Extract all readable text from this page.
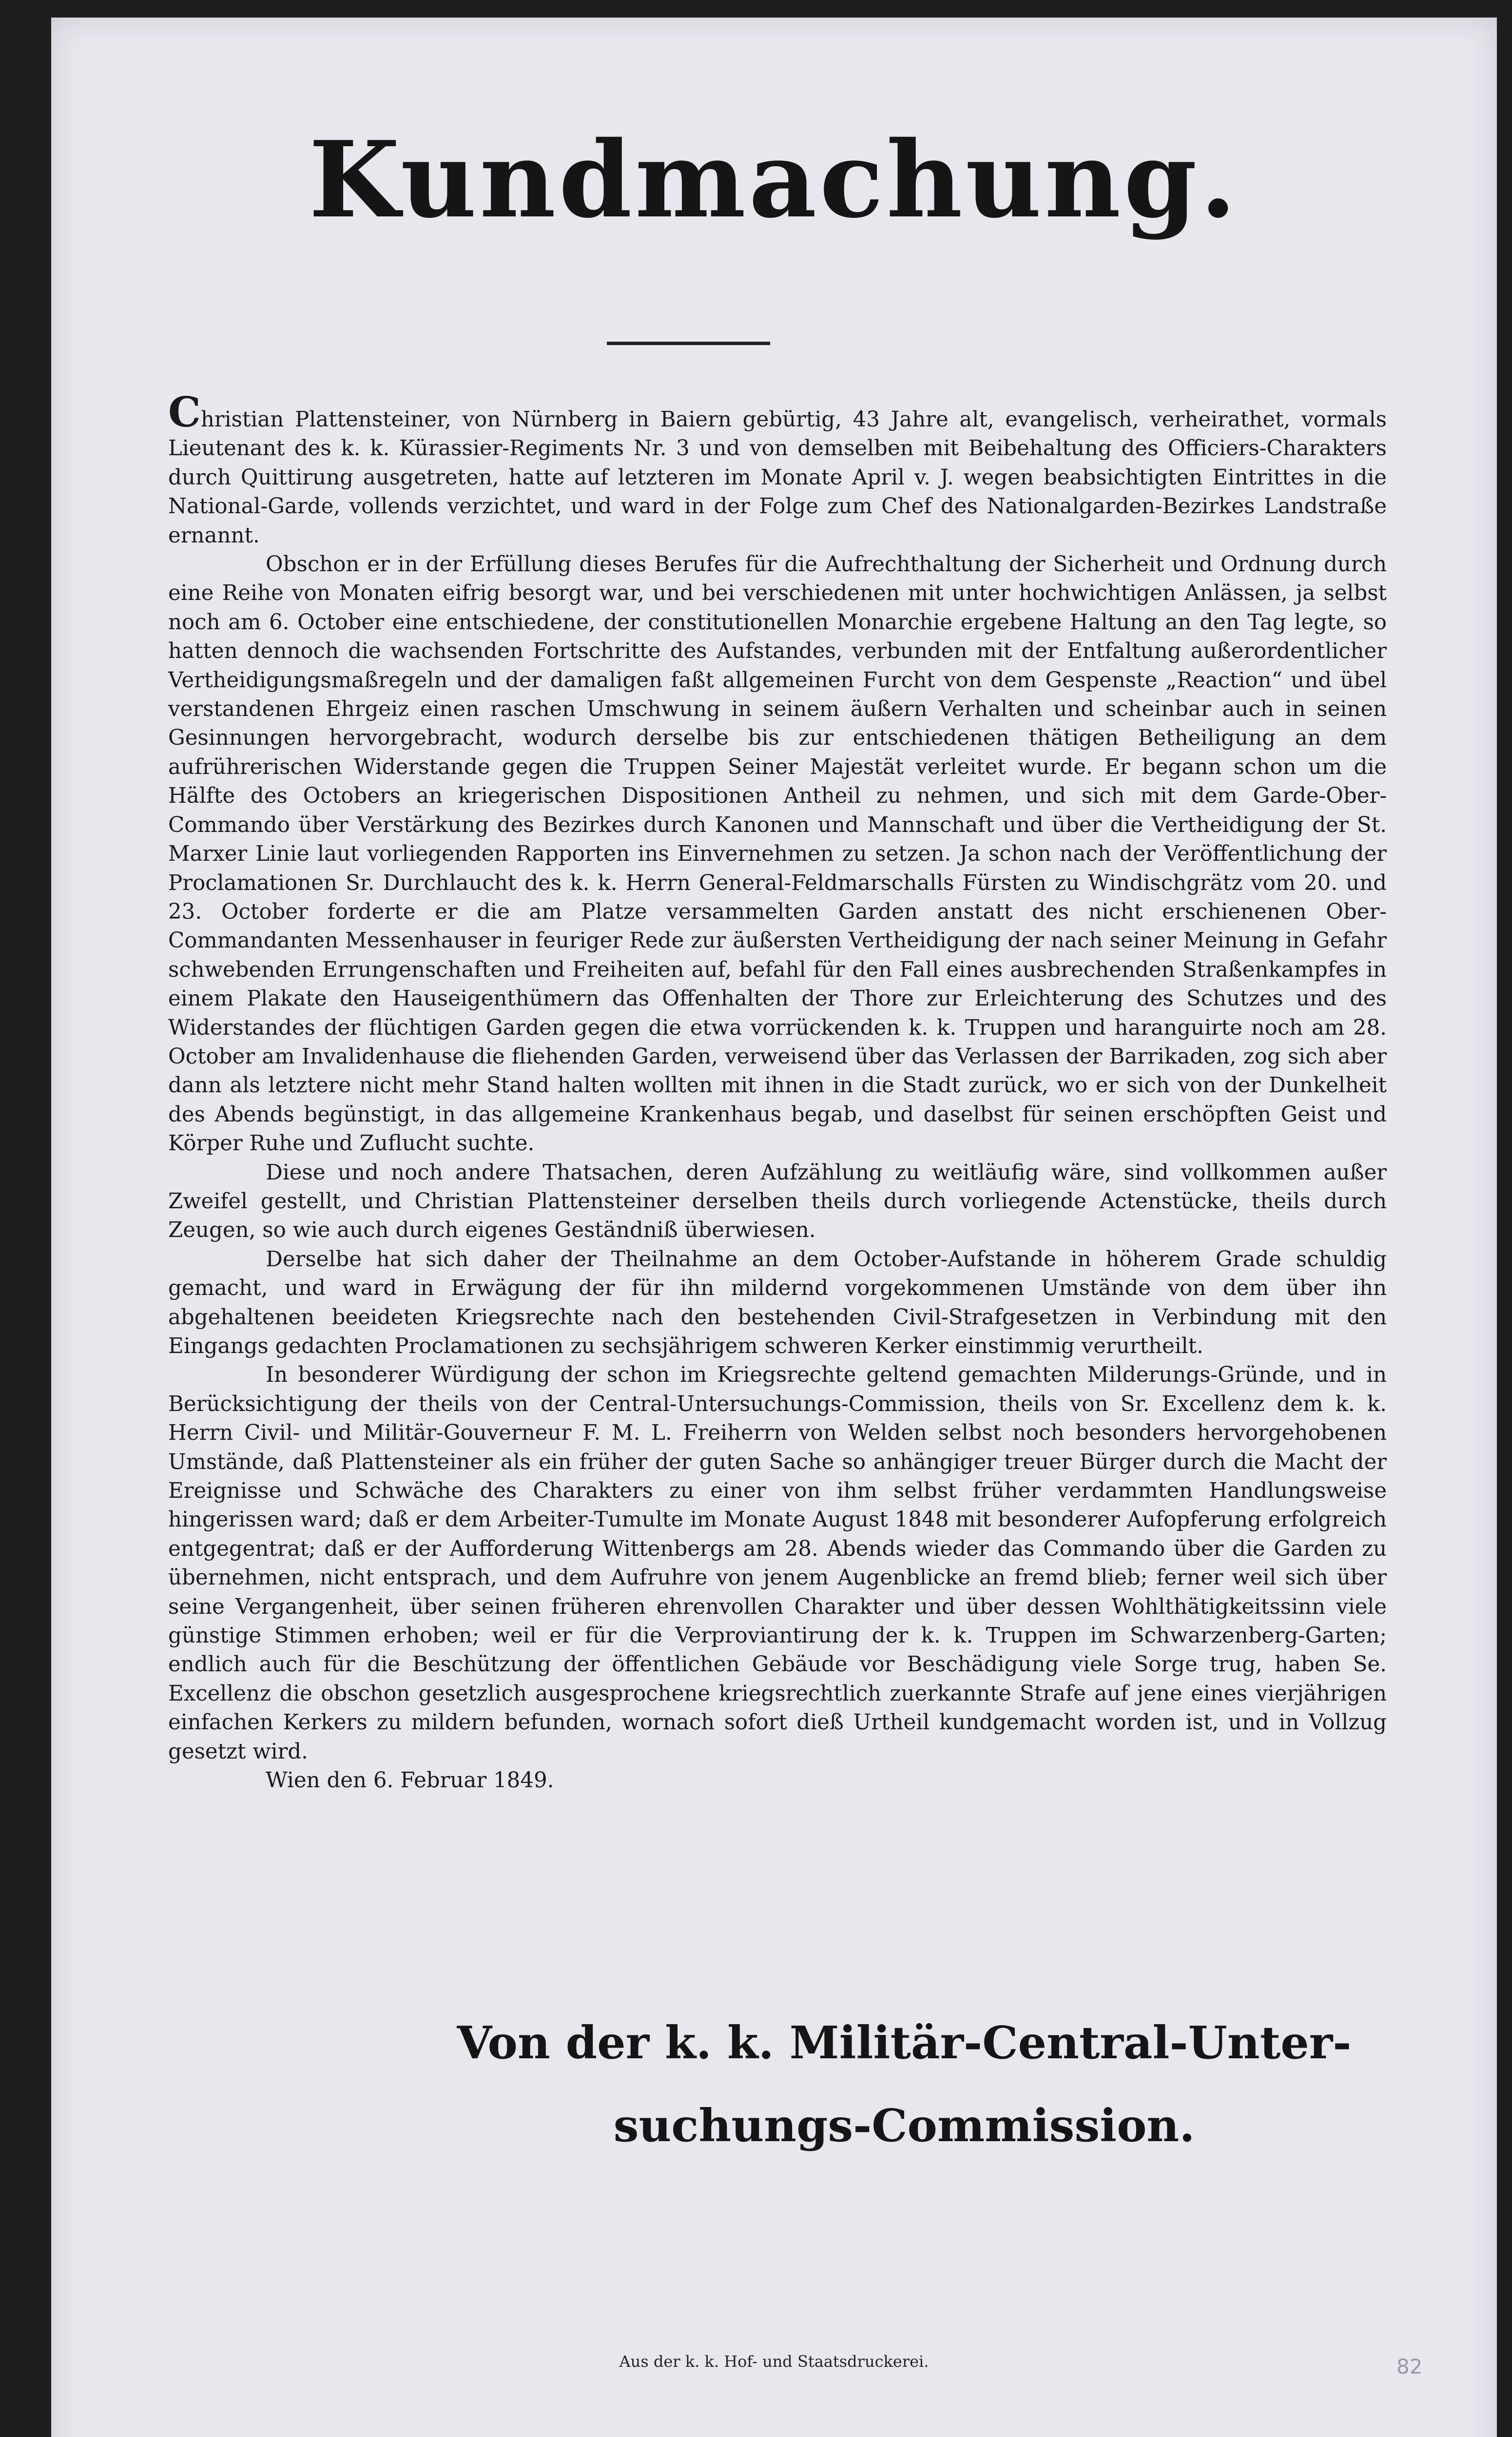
Kundmachung.

Christian Plattensteiner, von Nürnberg in Baiern gebürtig, 43 Jahre alt, evangelisch, verheirathet, vormals Lieutenant des k. k. Kürassier-Regiments Nr. 3 und von demselben mit Beibehaltung des Officiers-Charakters durch Quittirung ausgetreten, hatte auf letzteren im Monate April v. J. wegen beabsichtigten Eintrittes in die National-Garde, vollends verzichtet, und ward in der Folge zum Chef des Nationalgarden-Bezirkes Landstraße ernannt.

Obschon er in der Erfüllung dieses Berufes für die Aufrechthaltung der Sicherheit und Ordnung durch eine Reihe von Monaten eifrig besorgt war, und bei verschiedenen mit unter hochwichtigen Anlässen, ja selbst noch am 6. October eine entschiedene, der constitutionellen Monarchie ergebene Haltung an den Tag legte, so hatten dennoch die wachsenden Fortschritte des Aufstandes, verbunden mit der Entfaltung außerordentlicher Vertheidigungsmaßregeln und der damaligen faßt allgemeinen Furcht von dem Gespenste „Reaction“ und übel verstandenen Ehrgeiz einen raschen Umschwung in seinem äußern Verhalten und scheinbar auch in seinen Gesinnungen hervorgebracht, wodurch derselbe bis zur entschiedenen thätigen Betheiligung an dem aufrührerischen Widerstande gegen die Truppen Seiner Majestät verleitet wurde. Er begann schon um die Hälfte des Octobers an kriegerischen Dispositionen Antheil zu nehmen, und sich mit dem Garde-Ober-Commando über Verstärkung des Bezirkes durch Kanonen und Mannschaft und über die Vertheidigung der St. Marxer Linie laut vorliegenden Rapporten ins Einvernehmen zu setzen. Ja schon nach der Veröffentlichung der Proclamationen Sr. Durchlaucht des k. k. Herrn General-Feldmarschalls Fürsten zu Windischgrätz vom 20. und 23. October forderte er die am Platze versammelten Garden anstatt des nicht erschienenen Ober-Commandanten Messenhauser in feuriger Rede zur äußersten Vertheidigung der nach seiner Meinung in Gefahr schwebenden Errungenschaften und Freiheiten auf, befahl für den Fall eines ausbrechenden Straßenkampfes in einem Plakate den Hauseigenthümern das Offenhalten der Thore zur Erleichterung des Schutzes und des Widerstandes der flüchtigen Garden gegen die etwa vorrückenden k. k. Truppen und haranguirte noch am 28. October am Invalidenhause die fliehenden Garden, verweisend über das Verlassen der Barrikaden, zog sich aber dann als letztere nicht mehr Stand halten wollten mit ihnen in die Stadt zurück, wo er sich von der Dunkelheit des Abends begünstigt, in das allgemeine Krankenhaus begab, und daselbst für seinen erschöpften Geist und Körper Ruhe und Zuflucht suchte.

Diese und noch andere Thatsachen, deren Aufzählung zu weitläufig wäre, sind vollkommen außer Zweifel gestellt, und Christian Plattensteiner derselben theils durch vorliegende Actenstücke, theils durch Zeugen, so wie auch durch eigenes Geständniß überwiesen.

Derselbe hat sich daher der Theilnahme an dem October-Aufstande in höherem Grade schuldig gemacht, und ward in Erwägung der für ihn mildernd vorgekommenen Umstände von dem über ihn abgehaltenen beeideten Kriegsrechte nach den bestehenden Civil-Strafgesetzen in Verbindung mit den Eingangs gedachten Proclamationen zu sechsjährigem schweren Kerker einstimmig verurtheilt.

In besonderer Würdigung der schon im Kriegsrechte geltend gemachten Milderungs-Gründe, und in Berücksichtigung der theils von der Central-Untersuchungs-Commission, theils von Sr. Excellenz dem k. k. Herrn Civil- und Militär-Gouverneur F. M. L. Freiherrn von Welden selbst noch besonders hervorgehobenen Umstände, daß Plattensteiner als ein früher der guten Sache so anhängiger treuer Bürger durch die Macht der Ereignisse und Schwäche des Charakters zu einer von ihm selbst früher verdammten Handlungsweise hingerissen ward; daß er dem Arbeiter-Tumulte im Monate August 1848 mit besonderer Aufopferung erfolgreich entgegentrat; daß er der Aufforderung Wittenbergs am 28. Abends wieder das Commando über die Garden zu übernehmen, nicht entsprach, und dem Aufruhre von jenem Augenblicke an fremd blieb; ferner weil sich über seine Vergangenheit, über seinen früheren ehrenvollen Charakter und über dessen Wohlthätigkeitssinn viele günstige Stimmen erhoben; weil er für die Verproviantirung der k. k. Truppen im Schwarzenberg-Garten; endlich auch für die Beschützung der öffentlichen Gebäude vor Beschädigung viele Sorge trug, haben Se. Excellenz die obschon gesetzlich ausgesprochene kriegsrechtlich zuerkannte Strafe auf jene eines vierjährigen einfachen Kerkers zu mildern befunden, wornach sofort dieß Urtheil kundgemacht worden ist, und in Vollzug gesetzt wird.

Wien den 6. Februar 1849.

Von der k. k. Militär-Central-Unter-
suchungs-Commission.
Aus der k. k. Hof- und Staatsdruckerei.	82
